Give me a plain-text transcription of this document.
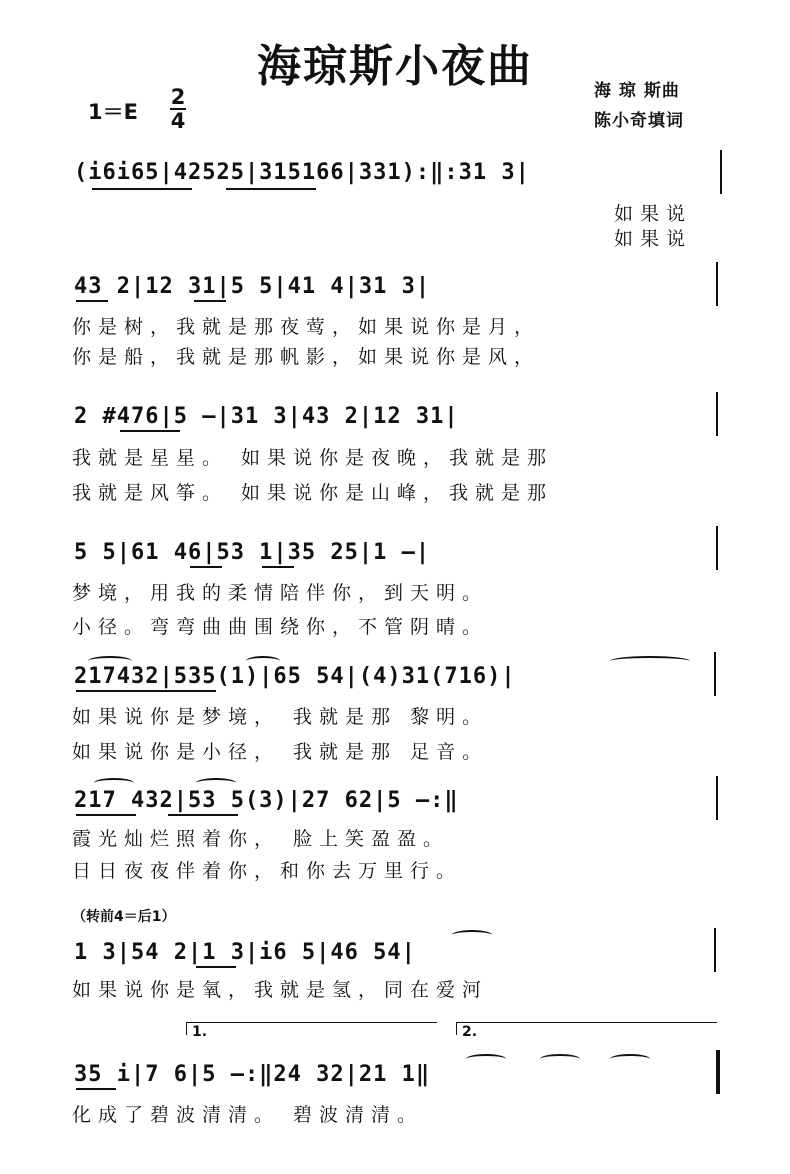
海琼斯小夜曲	海 琼 斯曲
陈小奇填词
1＝E
2
4
(i6i65|42525|315166|331):‖:31 3|
如果说
如果说
43 2|12 31|5 5|41 4|31 3|
你是树，我就是那夜莺，如果说你是月，
你是船，我就是那帆影，如果说你是风，
2 #476|5 —|31 3|43 2|12 31|
我就是星星。 如果说你是夜晚，我就是那
我就是风筝。 如果说你是山峰，我就是那
5 5|61 46|53 1|35 25|1 —|
梦境，用我的柔情陪伴你，到天明。
小径。弯弯曲曲围绕你，不管阴晴。
217432|535(1)|65 54|(4)31(716)|
如果说你是梦境， 我就是那 黎明。
如果说你是小径， 我就是那 足音。
217 432|53 5(3)|27 62|5 —:‖
霞光灿烂照着你， 脸上笑盈盈。
日日夜夜伴着你，和你去万里行。
（转前4＝后1）
1 3|54 2|1 3|i6 5|46 54|
如果说你是氧，我就是氢，同在爱河
1.	2.
35 i|7 6|5 —:‖24 32|21 1‖
化成了碧波清清。 碧波清清。
